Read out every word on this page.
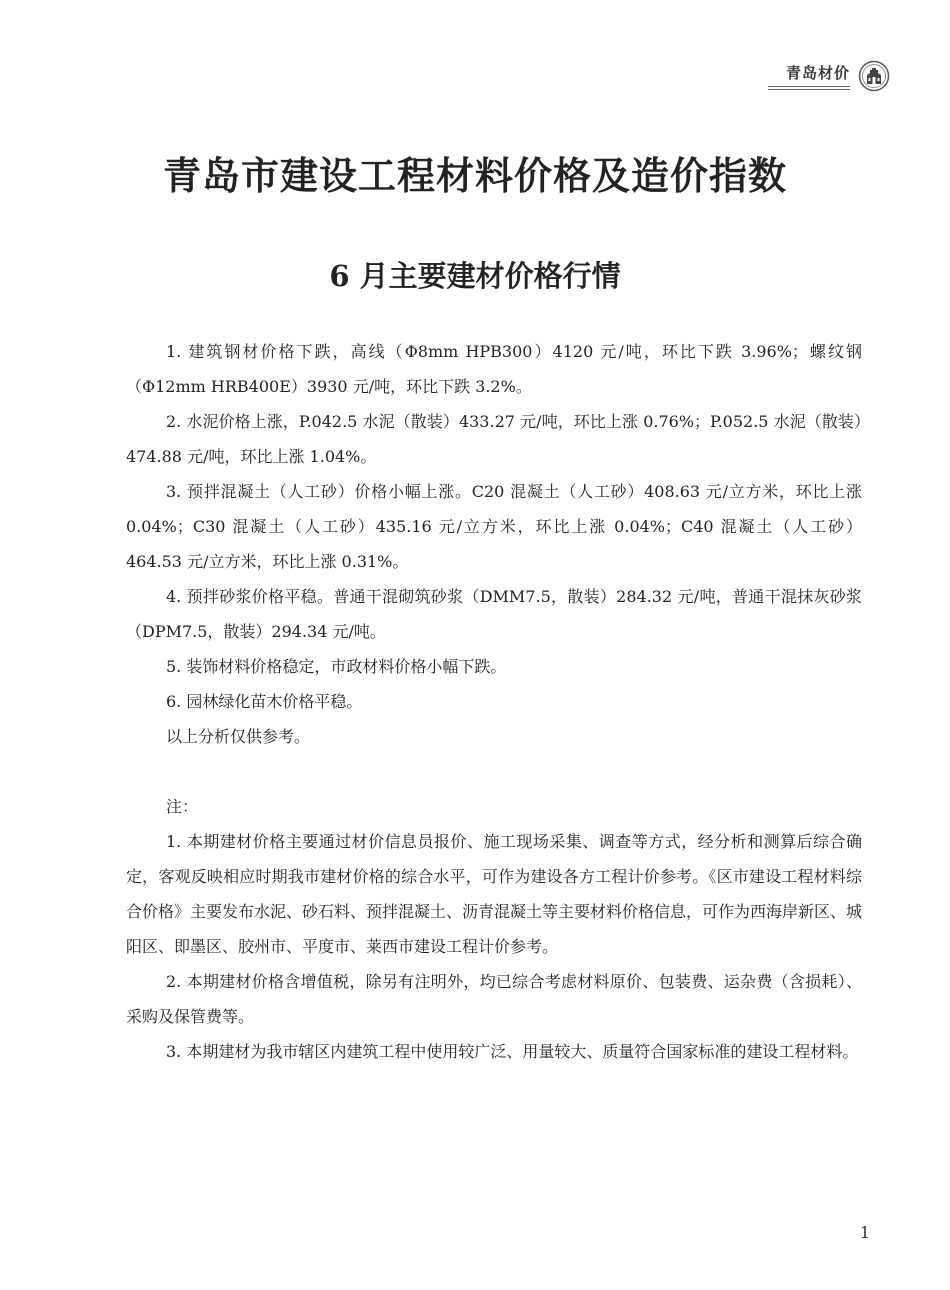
青岛材价
青岛市建设工程材料价格及造价指数
6 月主要建材价格行情

1. 建筑钢材价格下跌，高线（Φ8mm HPB300）4120 元/吨，环比下跌 3.96%；螺纹钢（Φ12mm HRB400E）3930 元/吨，环比下跌 3.2%。

2. 水泥价格上涨，P.042.5 水泥（散装）433.27 元/吨，环比上涨 0.76%；P.052.5 水泥（散装）474.88 元/吨，环比上涨 1.04%。

3. 预拌混凝土（人工砂）价格小幅上涨。C20 混凝土（人工砂）408.63 元/立方米，环比上涨 0.04%；C30 混凝土（人工砂）435.16 元/立方米，环比上涨 0.04%；C40 混凝土（人工砂）464.53 元/立方米，环比上涨 0.31%。

4. 预拌砂浆价格平稳。普通干混砌筑砂浆（DMM7.5，散装）284.32 元/吨，普通干混抹灰砂浆（DPM7.5，散装）294.34 元/吨。

5. 装饰材料价格稳定，市政材料价格小幅下跌。

6. 园林绿化苗木价格平稳。

以上分析仅供参考。

注：

1. 本期建材价格主要通过材价信息员报价、施工现场采集、调查等方式，经分析和测算后综合确定，客观反映相应时期我市建材价格的综合水平，可作为建设各方工程计价参考。《区市建设工程材料综合价格》主要发布水泥、砂石料、预拌混凝土、沥青混凝土等主要材料价格信息，可作为西海岸新区、城阳区、即墨区、胶州市、平度市、莱西市建设工程计价参考。

2. 本期建材价格含增值税，除另有注明外，均已综合考虑材料原价、包装费、运杂费（含损耗）、采购及保管费等。

3. 本期建材为我市辖区内建筑工程中使用较广泛、用量较大、质量符合国家标准的建设工程材料。

1
